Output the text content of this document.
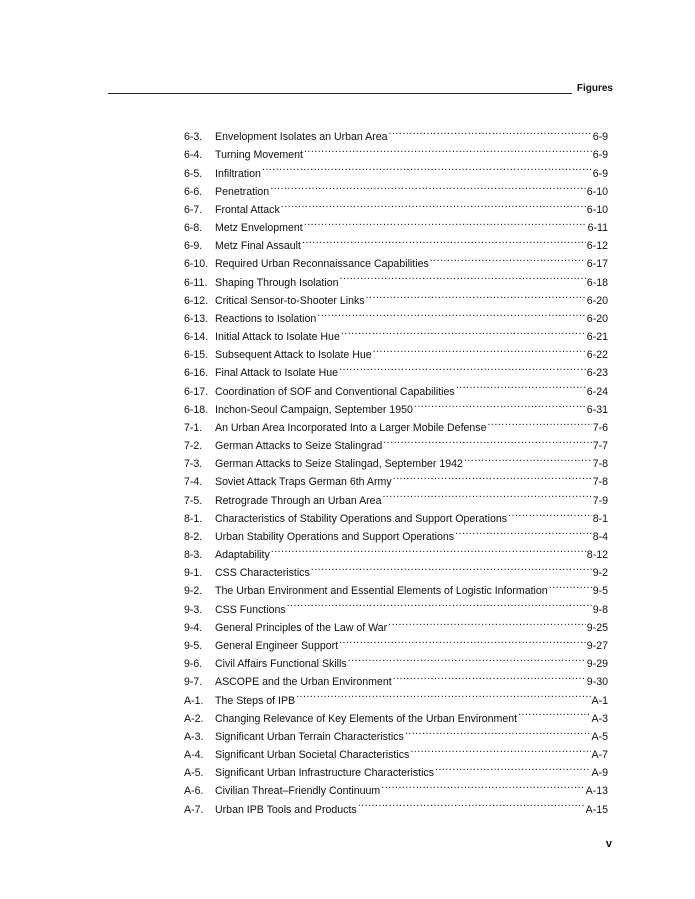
Figures
6-3.	Envelopment Isolates an Urban Area .....	6-9
6-4.	Turning Movement .....	6-9
6-5.	Infiltration .....	6-9
6-6.	Penetration .....	6-10
6-7.	Frontal Attack .....	6-10
6-8.	Metz Envelopment .....	6-11
6-9.	Metz Final Assault .....	6-12
6-10. Required Urban Reconnaissance Capabilities .....	6-17
6-11. Shaping Through Isolation .....	6-18
6-12. Critical Sensor-to-Shooter Links .....	6-20
6-13. Reactions to Isolation .....	6-20
6-14. Initial Attack to Isolate Hue .....	6-21
6-15. Subsequent Attack to Isolate Hue .....	6-22
6-16. Final Attack to Isolate Hue .....	6-23
6-17. Coordination of SOF and Conventional Capabilities .....	6-24
6-18. Inchon-Seoul Campaign, September 1950 .....	6-31
7-1.	An Urban Area Incorporated Into a Larger Mobile Defense .....	7-6
7-2.	German Attacks to Seize Stalingrad .....	7-7
7-3.	German Attacks to Seize Stalingad, September 1942 .....	7-8
7-4.	Soviet Attack Traps German 6th Army .....	7-8
7-5.	Retrograde Through an Urban Area .....	7-9
8-1.	Characteristics of Stability Operations and Support Operations .....	8-1
8-2.	Urban Stability Operations and Support Operations .....	8-4
8-3.	Adaptability .....	8-12
9-1.	CSS Characteristics .....	9-2
9-2.	The Urban Environment and Essential Elements of Logistic Information .....	9-5
9-3.	CSS Functions .....	9-8
9-4.	General Principles of the Law of War .....	9-25
9-5.	General Engineer Support .....	9-27
9-6.	Civil Affairs Functional Skills .....	9-29
9-7.	ASCOPE and the Urban Environment .....	9-30
A-1.	The Steps of IPB .....	A-1
A-2.	Changing Relevance of Key Elements of the Urban Environment .....	A-3
A-3.	Significant Urban Terrain Characteristics .....	A-5
A-4.	Significant Urban Societal Characteristics .....	A-7
A-5.	Significant Urban Infrastructure Characteristics .....	A-9
A-6.	Civilian Threat–Friendly Continuum .....	A-13
A-7.	Urban IPB Tools and Products .....	A-15
v
